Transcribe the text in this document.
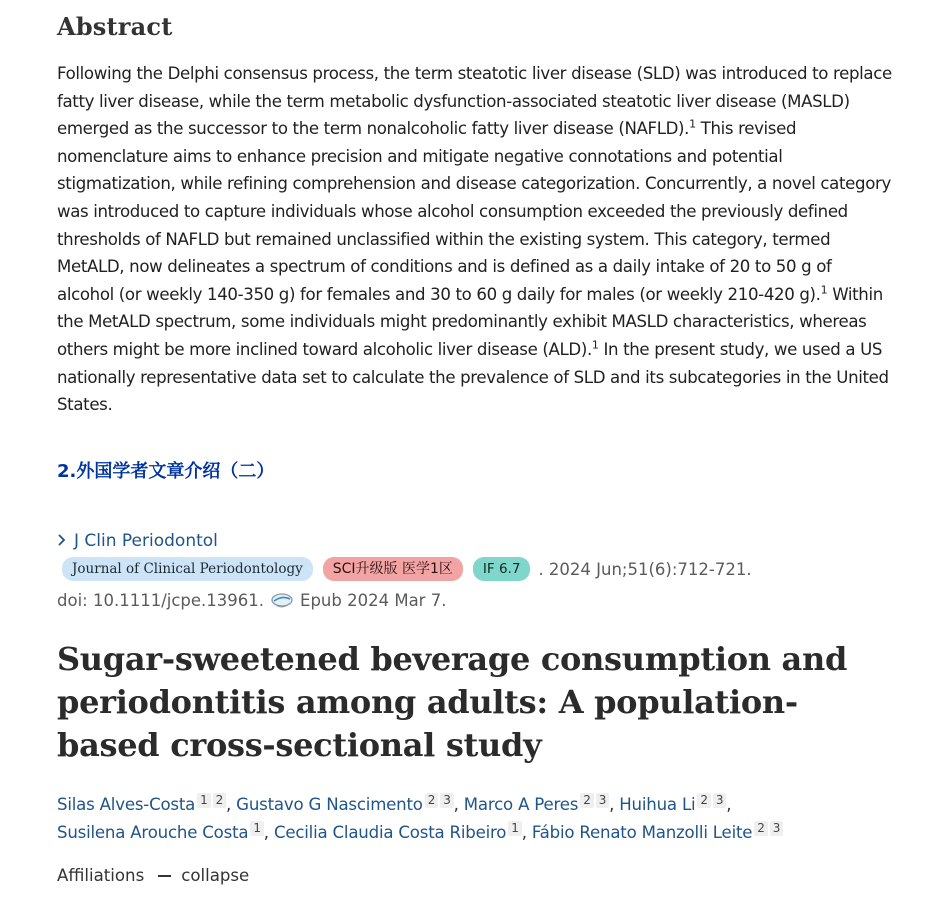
Abstract

Following the Delphi consensus process, the term steatotic liver disease (SLD) was introduced to replace fatty liver disease, while the term metabolic dysfunction-associated steatotic liver disease (MASLD) emerged as the successor to the term nonalcoholic fatty liver disease (NAFLD).$^1$ This revised nomenclature aims to enhance precision and mitigate negative connotations and potential stigmatization, while refining comprehension and disease categorization. Concurrently, a novel category was introduced to capture individuals whose alcohol consumption exceeded the previously defined thresholds of NAFLD but remained unclassified within the existing system. This category, termed MetALD, now delineates a spectrum of conditions and is defined as a daily intake of 20 to 50 g of alcohol (or weekly 140-350 g) for females and 30 to 60 g daily for males (or weekly 210-420 g).$^1$ Within the MetALD spectrum, some individuals might predominantly exhibit MASLD characteristics, whereas others might be more inclined toward alcoholic liver disease (ALD).$^1$ In the present study, we used a US nationally representative data set to calculate the prevalence of SLD and its subcategories in the United States.

2.外国学者文章介绍（二）
J Clin Periodontol
Journal of Clinical Periodontology	SCI升级版 医学1区	IF 6.7	. 2024 Jun;51(6):712-721.
doi: 10.1111/jcpe.13961. Epub 2024 Mar 7.
Sugar-sweetened beverage consumption and periodontitis among adults: A population-based cross-sectional study
Silas Alves-Costa 1 2 , Gustavo G Nascimento 2 3 , Marco A Peres 2 3 , Huihua Li 2 3 ,
Susilena Arouche Costa 1 , Cecilia Claudia Costa Ribeiro 1 , Fábio Renato Manzolli Leite 2 3
Affiliations collapse
